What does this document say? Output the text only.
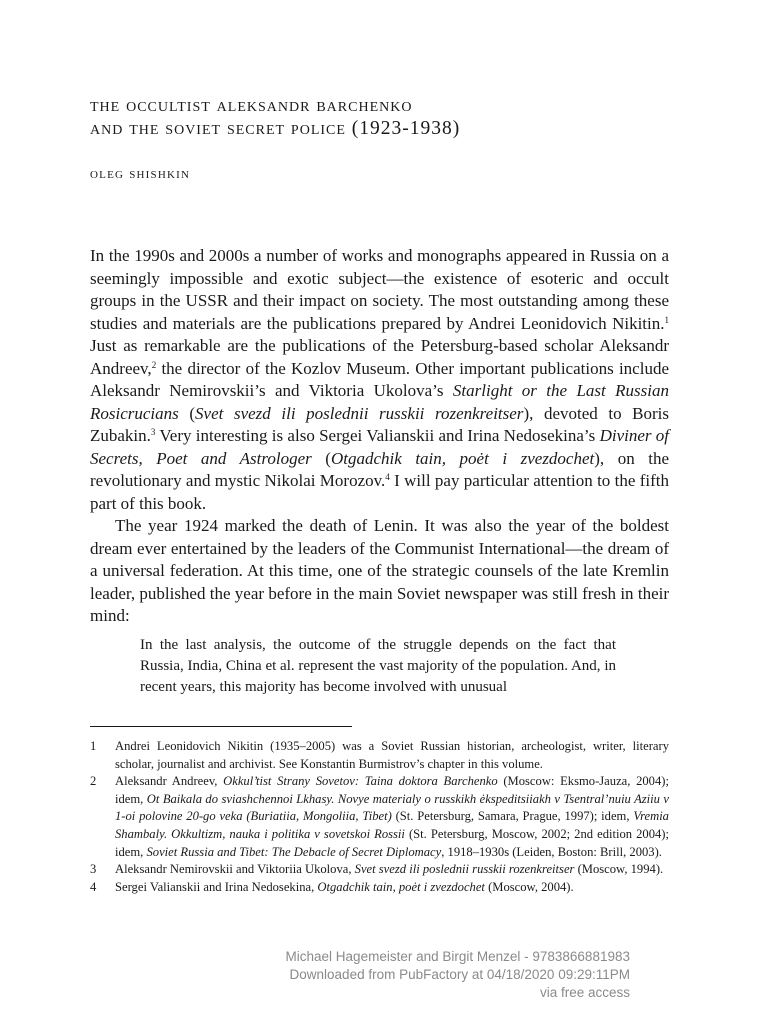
the occultist aleksandr barchenko
and the soviet secret police (1923-1938)
oleg shishkin

In the 1990s and 2000s a number of works and monographs appeared in Russia on a seemingly impossible and exotic subject—the existence of esoteric and occult groups in the USSR and their impact on society. The most outstanding among these studies and materials are the publications prepared by Andrei Leonidovich Nikitin.$^1$ Just as remarkable are the publications of the Petersburg-based scholar Aleksandr Andreev,$^2$ the director of the Kozlov Museum. Other important publications include Aleksandr Nemirovskii’s and Viktoria Ukolova’s Starlight or the Last Russian Rosicrucians (Svet svezd ili poslednii russkii rozenkreitser), devoted to Boris Zubakin.$^3$ Very interesting is also Sergei Valianskii and Irina Nedosekina’s Diviner of Secrets, Poet and Astrologer (Otgadchik tain, poėt i zvezdochet), on the revolutionary and mystic Nikolai Morozov.$^4$ I will pay particular attention to the fifth part of this book.

The year 1924 marked the death of Lenin. It was also the year of the boldest dream ever entertained by the leaders of the Communist International—the dream of a universal federation. At this time, one of the strategic counsels of the late Kremlin leader, published the year before in the main Soviet newspaper was still fresh in their mind:

In the last analysis, the outcome of the struggle depends on the fact that Russia, India, China et al. represent the vast majority of the population. And, in recent years, this majority has become involved with unusual
1 Andrei Leonidovich Nikitin (1935–2005) was a Soviet Russian historian, archeologist, writer, literary scholar, journalist and archivist. See Konstantin Burmistrov’s chapter in this volume.
2 Aleksandr Andreev, Okkul’tist Strany Sovetov: Taina doktora Barchenko (Moscow: Eksmo-Jauza, 2004); idem, Ot Baikala do sviashchennoi Lkhasy. Novye materialy o russkikh ėkspeditsiiakh v Tsentral’nuiu Aziiu v 1-oi polovine 20-go veka (Buriatiia, Mongoliia, Tibet) (St. Petersburg, Samara, Prague, 1997); idem, Vremia Shambaly. Okkultizm, nauka i politika v sovetskoi Rossii (St. Petersburg, Moscow, 2002; 2nd edition 2004); idem, Soviet Russia and Tibet: The Debacle of Secret Diplomacy, 1918–1930s (Leiden, Boston: Brill, 2003).
3 Aleksandr Nemirovskii and Viktoriia Ukolova, Svet svezd ili poslednii russkii rozenkreitser (Moscow, 1994).
4 Sergei Valianskii and Irina Nedosekina, Otgadchik tain, poėt i zvezdochet (Moscow, 2004).
Michael Hagemeister and Birgit Menzel - 9783866881983
Downloaded from PubFactory at 04/18/2020 09:29:11PM
via free access
